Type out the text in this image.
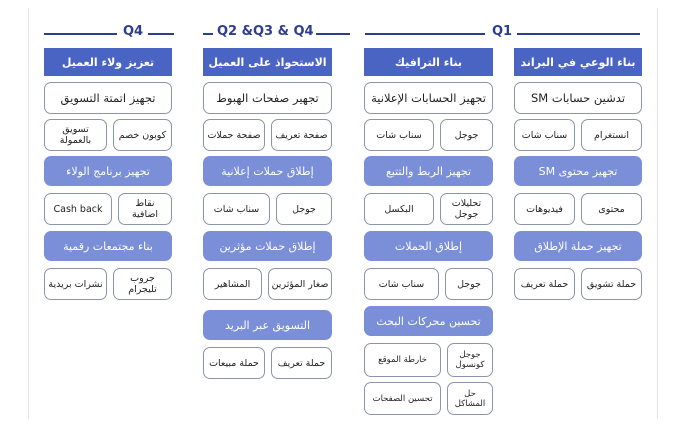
Q1
Q2 &Q3 & Q4
Q4
بناء الوعي في البراند
تدشين حسابات SM
انستغرام
سناب شات
تجهيز محتوى SM
محتوى
فيديوهات
تجهيز حملة الإطلاق
حملة تشويق
حملة تعريف
بناء الترافيك
تجهيز الحسابات الإعلانية
جوجل
سناب شات
تجهيز الربط والتتبع
تحليلات جوجل
البكسل
إطلاق الحملات
جوجل
سناب شات
تحسين محركات البحث
جوجل كونسول
خارطة الموقع
حل المشاكل
تحسين الصفحات
الاستحواذ على العميل
تجهير صفحات الهبوط
صفحة تعريف
صفحة حملات
إطلاق حملات إعلانية
جوجل
سناب شات
إطلاق حملات مؤثرين
صغار المؤثرين
المشاهير
التسويق عبر البريد
حملة تعريف
حملة مبيعات
تعزيز ولاء العميل
تجهيز اتمتة التسويق
كوبون خصم
تسويق بالعمولة
تجهيز برنامج الولاء
نقاط اضافية
Cash back
بناء مجتمعات رقمية
جروب تليجرام
نشرات بريدية
